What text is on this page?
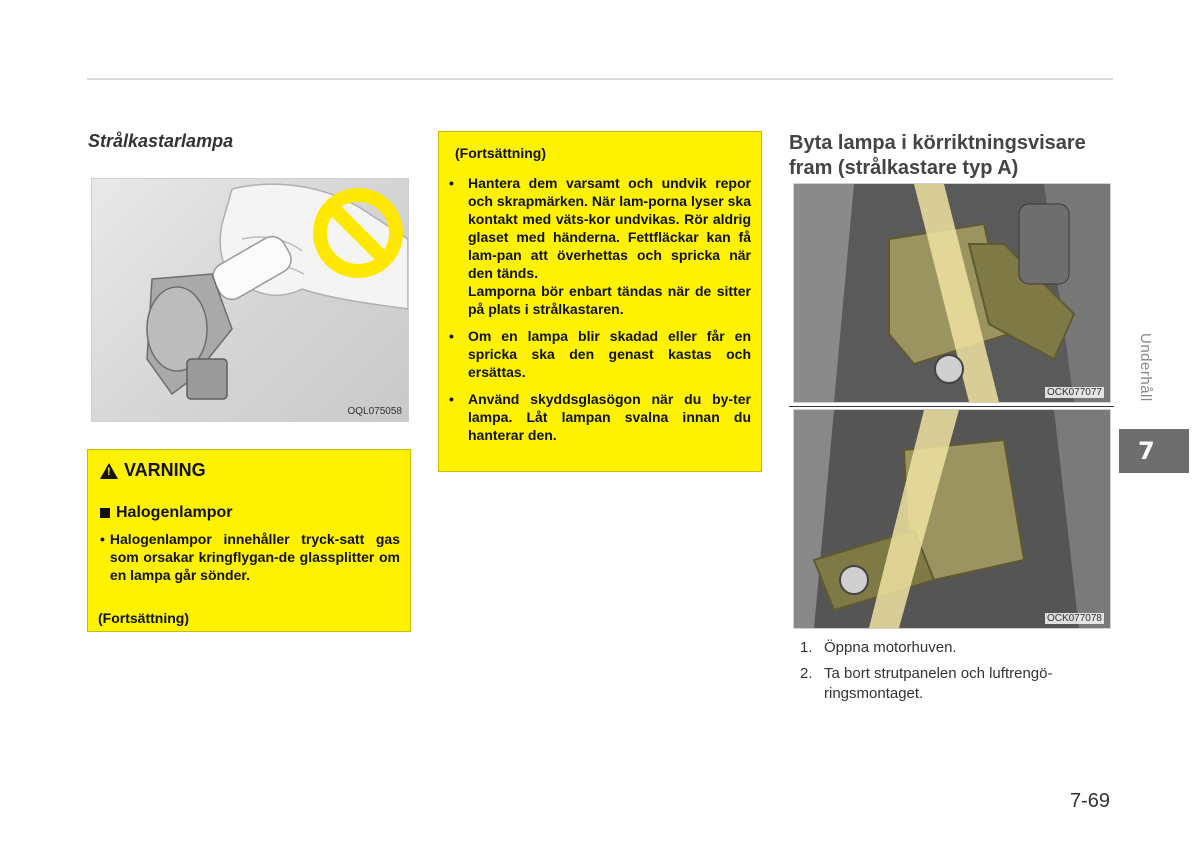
Strålkastarlampa
OQL075058
! VARNING
Halogenlampor
• Halogenlampor innehåller tryck-satt gas som orsakar kringflygan-de glassplitter om en lampa går sönder.
(Fortsättning)
(Fortsättning)
•	Hantera dem varsamt och undvik repor och skrapmärken. När lam-porna lyser ska kontakt med väts-kor undvikas. Rör aldrig glaset med händerna. Fettfläckar kan få lam-pan att överhettas och spricka när den tänds.
Lamporna bör enbart tändas när de sitter på plats i strålkastaren.
•	Om en lampa blir skadad eller får en spricka ska den genast kastas och ersättas.
•	Använd skyddsglasögon när du by-ter lampa. Låt lampan svalna innan du hanterar den.
Byta lampa i körriktningsvisare fram (strålkastare typ A)
OCK077077
OCK077078
1. Öppna motorhuven.
2. Ta bort strutpanelen och luftrengö-ringsmontaget.
Underhåll
7
7-69
